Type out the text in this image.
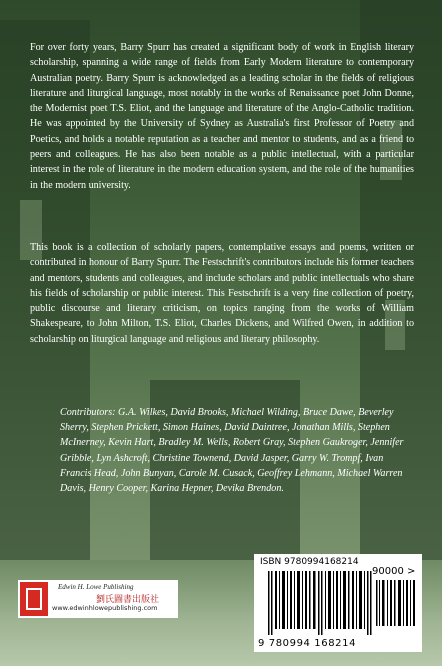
For over forty years, Barry Spurr has created a significant body of work in English literary scholarship, spanning a wide range of fields from Early Modern literature to contemporary Australian poetry. Barry Spurr is acknowledged as a leading scholar in the fields of religious literature and liturgical language, most notably in the works of Renaissance poet John Donne, the Modernist poet T.S. Eliot, and the language and literature of the Anglo-Catholic tradition. He was appointed by the University of Sydney as Australia's first Professor of Poetry and Poetics, and holds a notable reputation as a teacher and mentor to students, and as a friend to peers and colleagues. He has also been notable as a public intellectual, with a particular interest in the role of literature in the modern education system, and the role of the humanities in the modern university.

This book is a collection of scholarly papers, contemplative essays and poems, written or contributed in honour of Barry Spurr. The Festschrift's contributors include his former teachers and mentors, students and colleagues, and include scholars and public intellectuals who share his fields of scholarship or public interest. This Festschrift is a very fine collection of poetry, public discourse and literary criticism, on topics ranging from the works of William Shakespeare, to John Milton, T.S. Eliot, Charles Dickens, and Wilfred Owen, in addition to scholarship on liturgical language and religious and literary philosophy.

Contributors: G.A. Wilkes, David Brooks, Michael Wilding, Bruce Dawe, Beverley Sherry, Stephen Prickett, Simon Haines, David Daintree, Jonathan Mills, Stephen McInerney, Kevin Hart, Bradley M. Wells, Robert Gray, Stephen Gaukroger, Jennifer Gribble, Lyn Ashcroft, Christine Townend, David Jasper, Garry W. Trompf, Ivan Francis Head, John Bunyan, Carole M. Cusack, Geoffrey Lehmann, Michael Warren Davis, Henry Cooper, Karina Hepner, Devika Brendon.

Edwin H. Lowe Publishing
劉氏圖書出版社
www.edwinhlowepublishing.com
ISBN 9780994168214
90000 >
9 780994 168214
